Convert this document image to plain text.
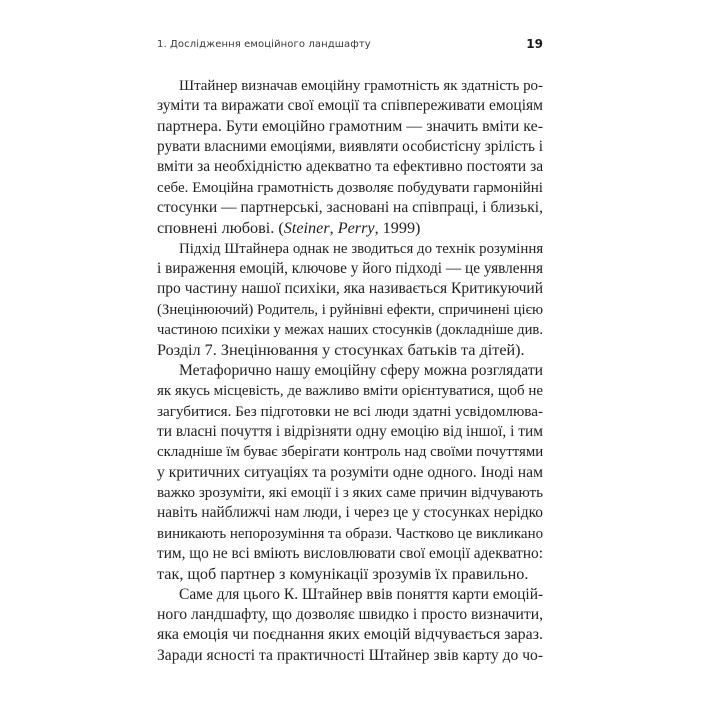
1. Дослідження емоційного ландшафту	19
Штайнер визначав емоційну грамотність як здатність ро-
зуміти та виражати свої емоції та співпереживати емоціям
партнера. Бути емоційно грамотним — значить вміти ке-
рувати власними емоціями, виявляти особистісну зрілість і
вміти за необхідністю адекватно та ефективно постояти за
себе. Емоційна грамотність дозволяє побудувати гармонійні
стосунки — партнерські, засновані на співпраці, і близькі,
сповнені любові. (Steiner, Perry, 1999)
Підхід Штайнера однак не зводиться до технік розуміння
і вираження емоцій, ключове у його підході — це уявлення
про частину нашої психіки, яка називається Критикуючий
(Знецінюючий) Родитель, і руйнівні ефекти, спричинені цією
частиною психіки у межах наших стосунків (докладніше див.
Розділ 7. Знецінювання у стосунках батьків та дітей).
Метафорично нашу емоційну сферу можна розглядати
як якусь місцевість, де важливо вміти орієнтуватися, щоб не
загубитися. Без підготовки не всі люди здатні усвідомлюва-
ти власні почуття і відрізняти одну емоцію від іншої, і тим
складніше їм буває зберігати контроль над своїми почуттями
у критичних ситуаціях та розуміти одне одного. Іноді нам
важко зрозуміти, які емоції і з яких саме причин відчувають
навіть найближчі нам люди, і через це у стосунках нерідко
виникають непорозуміння та образи. Частково це викликано
тим, що не всі вміють висловлювати свої емоції адекватно:
так, щоб партнер з комунікації зрозумів їх правильно.
Саме для цього К. Штайнер ввів поняття карти емоцій-
ного ландшафту, що дозволяє швидко і просто визначити,
яка емоція чи поєднання яких емоцій відчувається зараз.
Заради ясності та практичності Штайнер звів карту до чо-
